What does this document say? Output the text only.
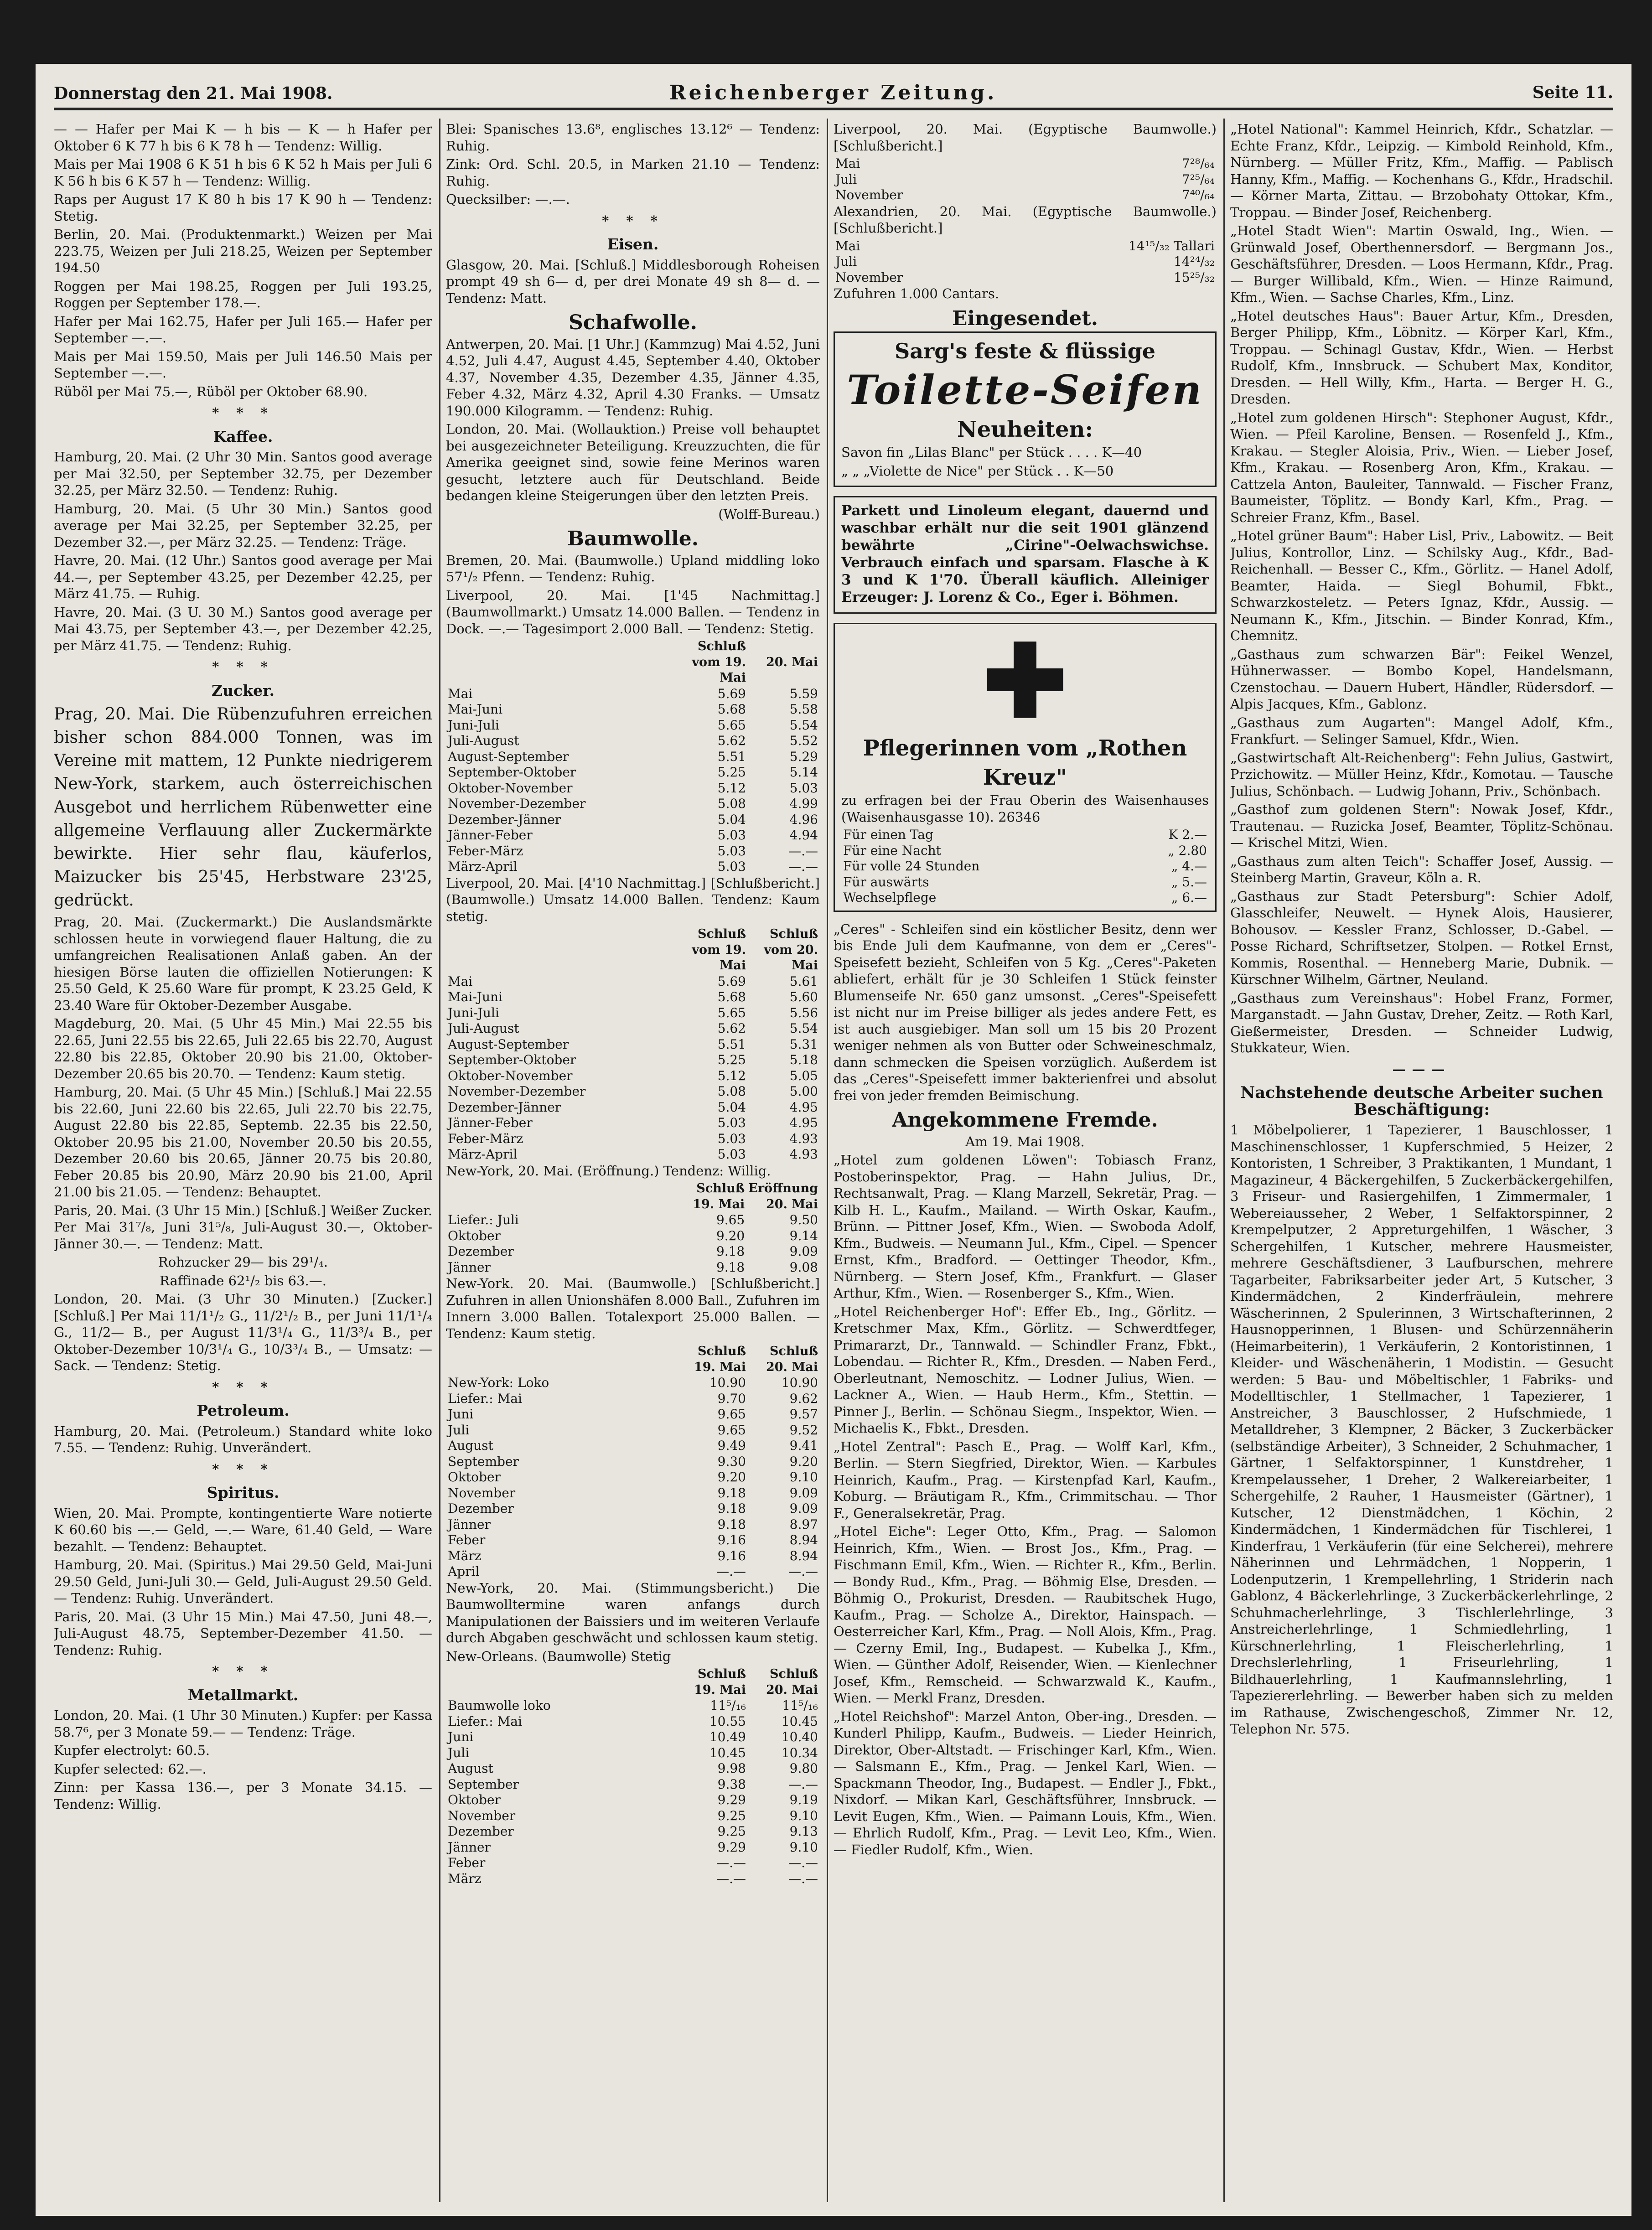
Donnerstag den 21. Mai 1908.	Reichenberger Zeitung.	Seite 11.

— — Hafer per Mai K — h bis — K — h Hafer per Oktober 6 K 77 h bis 6 K 78 h — Tendenz: Willig.

Mais per Mai 1908 6 K 51 h bis 6 K 52 h Mais per Juli 6 K 56 h bis 6 K 57 h — Tendenz: Willig.

Raps per August 17 K 80 h bis 17 K 90 h — Tendenz: Stetig.

Berlin, 20. Mai. (Produktenmarkt.) Weizen per Mai 223.75, Weizen per Juli 218.25, Weizen per September 194.50

Roggen per Mai 198.25, Roggen per Juli 193.25, Roggen per September 178.—.

Hafer per Mai 162.75, Hafer per Juli 165.— Hafer per September —.—.

Mais per Mai 159.50, Mais per Juli 146.50 Mais per September —.—.

Rüböl per Mai 75.—, Rüböl per Oktober 68.90.

* * *
Kaffee.

Hamburg, 20. Mai. (2 Uhr 30 Min. Santos good average per Mai 32.50, per September 32.75, per Dezember 32.25, per März 32.50. — Tendenz: Ruhig.

Hamburg, 20. Mai. (5 Uhr 30 Min.) Santos good average per Mai 32.25, per September 32.25, per Dezember 32.—, per März 32.25. — Tendenz: Träge.

Havre, 20. Mai. (12 Uhr.) Santos good average per Mai 44.—, per September 43.25, per Dezember 42.25, per März 41.75. — Ruhig.

Havre, 20. Mai. (3 U. 30 M.) Santos good average per Mai 43.75, per September 43.—, per Dezember 42.25, per März 41.75. — Tendenz: Ruhig.

* * *
Zucker.

Prag, 20. Mai. Die Rübenzufuhren erreichen bisher schon 884.000 Tonnen, was im Vereine mit mattem, 12 Punkte niedrigerem New-York, starkem, auch österreichischen Ausgebot und herrlichem Rübenwetter eine allgemeine Verflauung aller Zuckermärkte bewirkte. Hier sehr flau, käuferlos, Maizucker bis 25'45, Herbstware 23'25, gedrückt.

Prag, 20. Mai. (Zuckermarkt.) Die Auslandsmärkte schlossen heute in vorwiegend flauer Haltung, die zu umfangreichen Realisationen Anlaß gaben. An der hiesigen Börse lauten die offiziellen Notierungen: K 25.50 Geld, K 25.60 Ware für prompt, K 23.25 Geld, K 23.40 Ware für Oktober-Dezember Ausgabe.

Magdeburg, 20. Mai. (5 Uhr 45 Min.) Mai 22.55 bis 22.65, Juni 22.55 bis 22.65, Juli 22.65 bis 22.70, August 22.80 bis 22.85, Oktober 20.90 bis 21.00, Oktober-Dezember 20.65 bis 20.70. — Tendenz: Kaum stetig.

Hamburg, 20. Mai. (5 Uhr 45 Min.) [Schluß.] Mai 22.55 bis 22.60, Juni 22.60 bis 22.65, Juli 22.70 bis 22.75, August 22.80 bis 22.85, Septemb. 22.35 bis 22.50, Oktober 20.95 bis 21.00, November 20.50 bis 20.55, Dezember 20.60 bis 20.65, Jänner 20.75 bis 20.80, Feber 20.85 bis 20.90, März 20.90 bis 21.00, April 21.00 bis 21.05. — Tendenz: Behauptet.

Paris, 20. Mai. (3 Uhr 15 Min.) [Schluß.] Weißer Zucker. Per Mai 31⁷/₈, Juni 31⁵/₈, Juli-August 30.—, Oktober-Jänner 30.—. — Tendenz: Matt.

Rohzucker 29— bis 29¹/₄.

Raffinade 62¹/₂ bis 63.—.

London, 20. Mai. (3 Uhr 30 Minuten.) [Zucker.] [Schluß.] Per Mai 11/1¹/₂ G., 11/2¹/₂ B., per Juni 11/1¹/₄ G., 11/2— B., per August 11/3¹/₄ G., 11/3³/₄ B., per Oktober-Dezember 10/3¹/₄ G., 10/3³/₄ B., — Umsatz: — Sack. — Tendenz: Stetig.

* * *
Petroleum.

Hamburg, 20. Mai. (Petroleum.) Standard white loko 7.55. — Tendenz: Ruhig. Unverändert.

* * *
Spiritus.

Wien, 20. Mai. Prompte, kontingentierte Ware notierte K 60.60 bis —.— Geld, —.— Ware, 61.40 Geld, — Ware bezahlt. — Tendenz: Behauptet.

Hamburg, 20. Mai. (Spiritus.) Mai 29.50 Geld, Mai-Juni 29.50 Geld, Juni-Juli 30.— Geld, Juli-August 29.50 Geld. — Tendenz: Ruhig. Unverändert.

Paris, 20. Mai. (3 Uhr 15 Min.) Mai 47.50, Juni 48.—, Juli-August 48.75, September-Dezember 41.50. — Tendenz: Ruhig.

* * *
Metallmarkt.

London, 20. Mai. (1 Uhr 30 Minuten.) Kupfer: per Kassa 58.7⁶, per 3 Monate 59.— — Tendenz: Träge.

Kupfer electrolyt: 60.5.

Kupfer selected: 62.—.

Zinn: per Kassa 136.—, per 3 Monate 34.15. — Tendenz: Willig.

Blei: Spanisches 13.6⁸, englisches 13.12⁶ — Tendenz: Ruhig.

Zink: Ord. Schl. 20.5, in Marken 21.10 — Tendenz: Ruhig.

Quecksilber: —.—.

* * *
Eisen.

Glasgow, 20. Mai. [Schluß.] Middlesborough Roheisen prompt 49 sh 6— d, per drei Monate 49 sh 8— d. — Tendenz: Matt.

Schafwolle.

Antwerpen, 20. Mai. [1 Uhr.] (Kammzug) Mai 4.52, Juni 4.52, Juli 4.47, August 4.45, September 4.40, Oktober 4.37, November 4.35, Dezember 4.35, Jänner 4.35, Feber 4.32, März 4.32, April 4.30 Franks. — Umsatz 190.000 Kilogramm. — Tendenz: Ruhig.

London, 20. Mai. (Wollauktion.) Preise voll behauptet bei ausgezeichneter Beteiligung. Kreuzzuchten, die für Amerika geeignet sind, sowie feine Merinos waren gesucht, letztere auch für Deutschland. Beide bedangen kleine Steigerungen über den letzten Preis.

(Wolff-Bureau.)

Baumwolle.

Bremen, 20. Mai. (Baumwolle.) Upland middling loko 57¹/₂ Pfenn. — Tendenz: Ruhig.

Liverpool, 20. Mai. [1'45 Nachmittag.] (Baumwollmarkt.) Umsatz 14.000 Ballen. — Tendenz in Dock. —.— Tagesimport 2.000 Ball. — Tendenz: Stetig.

	Schluß vom 19. Mai	20. Mai
Mai	5.69	5.59
Mai-Juni	5.68	5.58
Juni-Juli	5.65	5.54
Juli-August	5.62	5.52
August-September	5.51	5.29
September-Oktober	5.25	5.14
Oktober-November	5.12	5.03
November-Dezember	5.08	4.99
Dezember-Jänner	5.04	4.96
Jänner-Feber	5.03	4.94
Feber-März	5.03	—.—
März-April	5.03	—.—

Liverpool, 20. Mai. [4'10 Nachmittag.] [Schlußbericht.] (Baumwolle.) Umsatz 14.000 Ballen. Tendenz: Kaum stetig.

	Schluß vom 19. Mai	Schluß vom 20. Mai
Mai	5.69	5.61
Mai-Juni	5.68	5.60
Juni-Juli	5.65	5.56
Juli-August	5.62	5.54
August-September	5.51	5.31
September-Oktober	5.25	5.18
Oktober-November	5.12	5.05
November-Dezember	5.08	5.00
Dezember-Jänner	5.04	4.95
Jänner-Feber	5.03	4.95
Feber-März	5.03	4.93
März-April	5.03	4.93

New-York, 20. Mai. (Eröffnung.) Tendenz: Willig.

	Schluß 19. Mai	Eröffnung 20. Mai
Liefer.: Juli	9.65	9.50
Oktober	9.20	9.14
Dezember	9.18	9.09
Jänner	9.18	9.08

New-York. 20. Mai. (Baumwolle.) [Schlußbericht.] Zufuhren in allen Unionshäfen 8.000 Ball., Zufuhren im Innern 3.000 Ballen. Totalexport 25.000 Ballen. — Tendenz: Kaum stetig.

	Schluß 19. Mai	Schluß 20. Mai
New-York: Loko	10.90	10.90
Liefer.: Mai	9.70	9.62
Juni	9.65	9.57
Juli	9.65	9.52
August	9.49	9.41
September	9.30	9.20
Oktober	9.20	9.10
November	9.18	9.09
Dezember	9.18	9.09
Jänner	9.18	8.97
Feber	9.16	8.94
März	9.16	8.94
April	—.—	—.—

New-York, 20. Mai. (Stimmungsbericht.) Die Baumwolltermine waren anfangs durch Manipulationen der Baissiers und im weiteren Verlaufe durch Abgaben geschwächt und schlossen kaum stetig.

New-Orleans. (Baumwolle) Stetig

	Schluß 19. Mai	Schluß 20. Mai
Baumwolle loko	11⁵/₁₆	11⁵/₁₆
Liefer.: Mai	10.55	10.45
Juni	10.49	10.40
Juli	10.45	10.34
August	9.98	9.80
September	9.38	—.—
Oktober	9.29	9.19
November	9.25	9.10
Dezember	9.25	9.13
Jänner	9.29	9.10
Feber	—.—	—.—
März	—.—	—.—

Liverpool, 20. Mai. (Egyptische Baumwolle.) [Schlußbericht.]

Mai	7²⁸/₆₄
Juli	7²⁵/₆₄
November	7⁴⁰/₆₄

Alexandrien, 20. Mai. (Egyptische Baumwolle.) [Schlußbericht.]

Mai	14¹⁵/₃₂ Tallari
Juli	14²⁴/₃₂
November	15²⁵/₃₂

Zufuhren 1.000 Cantars.

Eingesendet.
Sarg's feste & flüssige
Toilette-Seifen
Neuheiten:

Savon fin „Lilas Blanc" per Stück . . . . K—40

„ „ „Violette de Nice" per Stück . . K—50

Parkett und Linoleum elegant, dauernd und waschbar erhält nur die seit 1901 glänzend bewährte „Cirine"-Oelwachswichse. Verbrauch einfach und sparsam. Flasche à K 3 und K 1'70. Überall käuflich. Alleiniger Erzeuger: J. Lorenz & Co., Eger i. Böhmen.

✚
Pflegerinnen vom „Rothen Kreuz"

zu erfragen bei der Frau Oberin des Waisenhauses (Waisenhausgasse 10). 26346

Für einen Tag	K 2.—
Für eine Nacht	„ 2.80
Für volle 24 Stunden	„ 4.—
Für auswärts	„ 5.—
Wechselpflege	„ 6.—

„Ceres" - Schleifen sind ein köstlicher Besitz, denn wer bis Ende Juli dem Kaufmanne, von dem er „Ceres"-Speisefett bezieht, Schleifen von 5 Kg. „Ceres"-Paketen abliefert, erhält für je 30 Schleifen 1 Stück feinster Blumenseife Nr. 650 ganz umsonst. „Ceres"-Speisefett ist nicht nur im Preise billiger als jedes andere Fett, es ist auch ausgiebiger. Man soll um 15 bis 20 Prozent weniger nehmen als von Butter oder Schweineschmalz, dann schmecken die Speisen vorzüglich. Außerdem ist das „Ceres"-Speisefett immer bakterienfrei und absolut frei von jeder fremden Beimischung.

Angekommene Fremde.

Am 19. Mai 1908.

„Hotel zum goldenen Löwen": Tobiasch Franz, Postoberinspektor, Prag. — Hahn Julius, Dr., Rechtsanwalt, Prag. — Klang Marzell, Sekretär, Prag. — Kilb H. L., Kaufm., Mailand. — Wirth Oskar, Kaufm., Brünn. — Pittner Josef, Kfm., Wien. — Swoboda Adolf, Kfm., Budweis. — Neumann Jul., Kfm., Cipel. — Spencer Ernst, Kfm., Bradford. — Oettinger Theodor, Kfm., Nürnberg. — Stern Josef, Kfm., Frankfurt. — Glaser Arthur, Kfm., Wien. — Rosenberger S., Kfm., Wien.

„Hotel Reichenberger Hof": Effer Eb., Ing., Görlitz. — Kretschmer Max, Kfm., Görlitz. — Schwerdtfeger, Primararzt, Dr., Tannwald. — Schindler Franz, Fbkt., Lobendau. — Richter R., Kfm., Dresden. — Naben Ferd., Oberleutnant, Nemoschitz. — Lodner Julius, Wien. — Lackner A., Wien. — Haub Herm., Kfm., Stettin. — Pinner J., Berlin. — Schönau Siegm., Inspektor, Wien. — Michaelis K., Fbkt., Dresden.

„Hotel Zentral": Pasch E., Prag. — Wolff Karl, Kfm., Berlin. — Stern Siegfried, Direktor, Wien. — Karbules Heinrich, Kaufm., Prag. — Kirstenpfad Karl, Kaufm., Koburg. — Bräutigam R., Kfm., Crimmitschau. — Thor F., Generalsekretär, Prag.

„Hotel Eiche": Leger Otto, Kfm., Prag. — Salomon Heinrich, Kfm., Wien. — Brost Jos., Kfm., Prag. — Fischmann Emil, Kfm., Wien. — Richter R., Kfm., Berlin. — Bondy Rud., Kfm., Prag. — Böhmig Else, Dresden. — Böhmig O., Prokurist, Dresden. — Raubitschek Hugo, Kaufm., Prag. — Scholze A., Direktor, Hainspach. — Oesterreicher Karl, Kfm., Prag. — Noll Alois, Kfm., Prag. — Czerny Emil, Ing., Budapest. — Kubelka J., Kfm., Wien. — Günther Adolf, Reisender, Wien. — Kienlechner Josef, Kfm., Remscheid. — Schwarzwald K., Kaufm., Wien. — Merkl Franz, Dresden.

„Hotel Reichshof": Marzel Anton, Ober-ing., Dresden. — Kunderl Philipp, Kaufm., Budweis. — Lieder Heinrich, Direktor, Ober-Altstadt. — Frischinger Karl, Kfm., Wien. — Salsmann E., Kfm., Prag. — Jenkel Karl, Wien. — Spackmann Theodor, Ing., Budapest. — Endler J., Fbkt., Nixdorf. — Mikan Karl, Geschäftsführer, Innsbruck. — Levit Eugen, Kfm., Wien. — Paimann Louis, Kfm., Wien. — Ehrlich Rudolf, Kfm., Prag. — Levit Leo, Kfm., Wien. — Fiedler Rudolf, Kfm., Wien.

„Hotel National": Kammel Heinrich, Kfdr., Schatzlar. — Echte Franz, Kfdr., Leipzig. — Kimbold Reinhold, Kfm., Nürnberg. — Müller Fritz, Kfm., Maffig. — Pablisch Hanny, Kfm., Maffig. — Kochenhans G., Kfdr., Hradschil. — Körner Marta, Zittau. — Brzobohaty Ottokar, Kfm., Troppau. — Binder Josef, Reichenberg.

„Hotel Stadt Wien": Martin Oswald, Ing., Wien. — Grünwald Josef, Oberthennersdorf. — Bergmann Jos., Geschäftsführer, Dresden. — Loos Hermann, Kfdr., Prag. — Burger Willibald, Kfm., Wien. — Hinze Raimund, Kfm., Wien. — Sachse Charles, Kfm., Linz.

„Hotel deutsches Haus": Bauer Artur, Kfm., Dresden, Berger Philipp, Kfm., Löbnitz. — Körper Karl, Kfm., Troppau. — Schinagl Gustav, Kfdr., Wien. — Herbst Rudolf, Kfm., Innsbruck. — Schubert Max, Konditor, Dresden. — Hell Willy, Kfm., Harta. — Berger H. G., Dresden.

„Hotel zum goldenen Hirsch": Stephoner August, Kfdr., Wien. — Pfeil Karoline, Bensen. — Rosenfeld J., Kfm., Krakau. — Stegler Aloisia, Priv., Wien. — Lieber Josef, Kfm., Krakau. — Rosenberg Aron, Kfm., Krakau. — Cattzela Anton, Bauleiter, Tannwald. — Fischer Franz, Baumeister, Töplitz. — Bondy Karl, Kfm., Prag. — Schreier Franz, Kfm., Basel.

„Hotel grüner Baum": Haber Lisl, Priv., Labowitz. — Beit Julius, Kontrollor, Linz. — Schilsky Aug., Kfdr., Bad-Reichenhall. — Besser C., Kfm., Görlitz. — Hanel Adolf, Beamter, Haida. — Siegl Bohumil, Fbkt., Schwarzkosteletz. — Peters Ignaz, Kfdr., Aussig. — Neumann K., Kfm., Jitschin. — Binder Konrad, Kfm., Chemnitz.

„Gasthaus zum schwarzen Bär": Feikel Wenzel, Hühnerwasser. — Bombo Kopel, Handelsmann, Czenstochau. — Dauern Hubert, Händler, Rüdersdorf. — Alpis Jacques, Kfm., Gablonz.

„Gasthaus zum Augarten": Mangel Adolf, Kfm., Frankfurt. — Selinger Samuel, Kfdr., Wien.

„Gastwirtschaft Alt-Reichenberg": Fehn Julius, Gastwirt, Przichowitz. — Müller Heinz, Kfdr., Komotau. — Tausche Julius, Schönbach. — Ludwig Johann, Priv., Schönbach.

„Gasthof zum goldenen Stern": Nowak Josef, Kfdr., Trautenau. — Ruzicka Josef, Beamter, Töplitz-Schönau. — Krischel Mitzi, Wien.

„Gasthaus zum alten Teich": Schaffer Josef, Aussig. — Steinberg Martin, Graveur, Köln a. R.

„Gasthaus zur Stadt Petersburg": Schier Adolf, Glasschleifer, Neuwelt. — Hynek Alois, Hausierer, Bohousov. — Kessler Franz, Schlosser, D.-Gabel. — Posse Richard, Schriftsetzer, Stolpen. — Rotkel Ernst, Kommis, Rosenthal. — Henneberg Marie, Dubnik. — Kürschner Wilhelm, Gärtner, Neuland.

„Gasthaus zum Vereinshaus": Hobel Franz, Former, Marganstadt. — Jahn Gustav, Dreher, Zeitz. — Roth Karl, Gießermeister, Dresden. — Schneider Ludwig, Stukkateur, Wien.

———
Nachstehende deutsche Arbeiter suchen Beschäftigung:

1 Möbelpolierer, 1 Tapezierer, 1 Bauschlosser, 1 Maschinenschlosser, 1 Kupferschmied, 5 Heizer, 2 Kontoristen, 1 Schreiber, 3 Praktikanten, 1 Mundant, 1 Magazineur, 4 Bäckergehilfen, 5 Zuckerbäckergehilfen, 3 Friseur- und Rasiergehilfen, 1 Zimmermaler, 1 Webereiausseher, 2 Weber, 1 Selfaktorspinner, 2 Krempelputzer, 2 Appreturgehilfen, 1 Wäscher, 3 Schergehilfen, 1 Kutscher, mehrere Hausmeister, mehrere Geschäftsdiener, 3 Laufburschen, mehrere Tagarbeiter, Fabriksarbeiter jeder Art, 5 Kutscher, 3 Kindermädchen, 2 Kinderfräulein, mehrere Wäscherinnen, 2 Spulerinnen, 3 Wirtschafterinnen, 2 Hausnopperinnen, 1 Blusen- und Schürzennäherin (Heimarbeiterin), 1 Verkäuferin, 2 Kontoristinnen, 1 Kleider- und Wäschenäherin, 1 Modistin. — Gesucht werden: 5 Bau- und Möbeltischler, 1 Fabriks- und Modelltischler, 1 Stellmacher, 1 Tapezierer, 1 Anstreicher, 3 Bauschlosser, 2 Hufschmiede, 1 Metalldreher, 3 Klempner, 2 Bäcker, 3 Zuckerbäcker (selbständige Arbeiter), 3 Schneider, 2 Schuhmacher, 1 Gärtner, 1 Selfaktorspinner, 1 Kunstdreher, 1 Krempelausseher, 1 Dreher, 2 Walkereiarbeiter, 1 Schergehilfe, 2 Rauher, 1 Hausmeister (Gärtner), 1 Kutscher, 12 Dienstmädchen, 1 Köchin, 2 Kindermädchen, 1 Kindermädchen für Tischlerei, 1 Kinderfrau, 1 Verkäuferin (für eine Selcherei), mehrere Näherinnen und Lehrmädchen, 1 Nopperin, 1 Lodenputzerin, 1 Krempellehrling, 1 Striderin nach Gablonz, 4 Bäckerlehrlinge, 3 Zuckerbäckerlehrlinge, 2 Schuhmacherlehrlinge, 3 Tischlerlehrlinge, 3 Anstreicherlehrlinge, 1 Schmiedlehrling, 1 Kürschnerlehrling, 1 Fleischerlehrling, 1 Drechslerlehrling, 1 Friseurlehrling, 1 Bildhauerlehrling, 1 Kaufmannslehrling, 1 Tapeziererlehrling. — Bewerber haben sich zu melden im Rathause, Zwischengeschoß, Zimmer Nr. 12, Telephon Nr. 575.
